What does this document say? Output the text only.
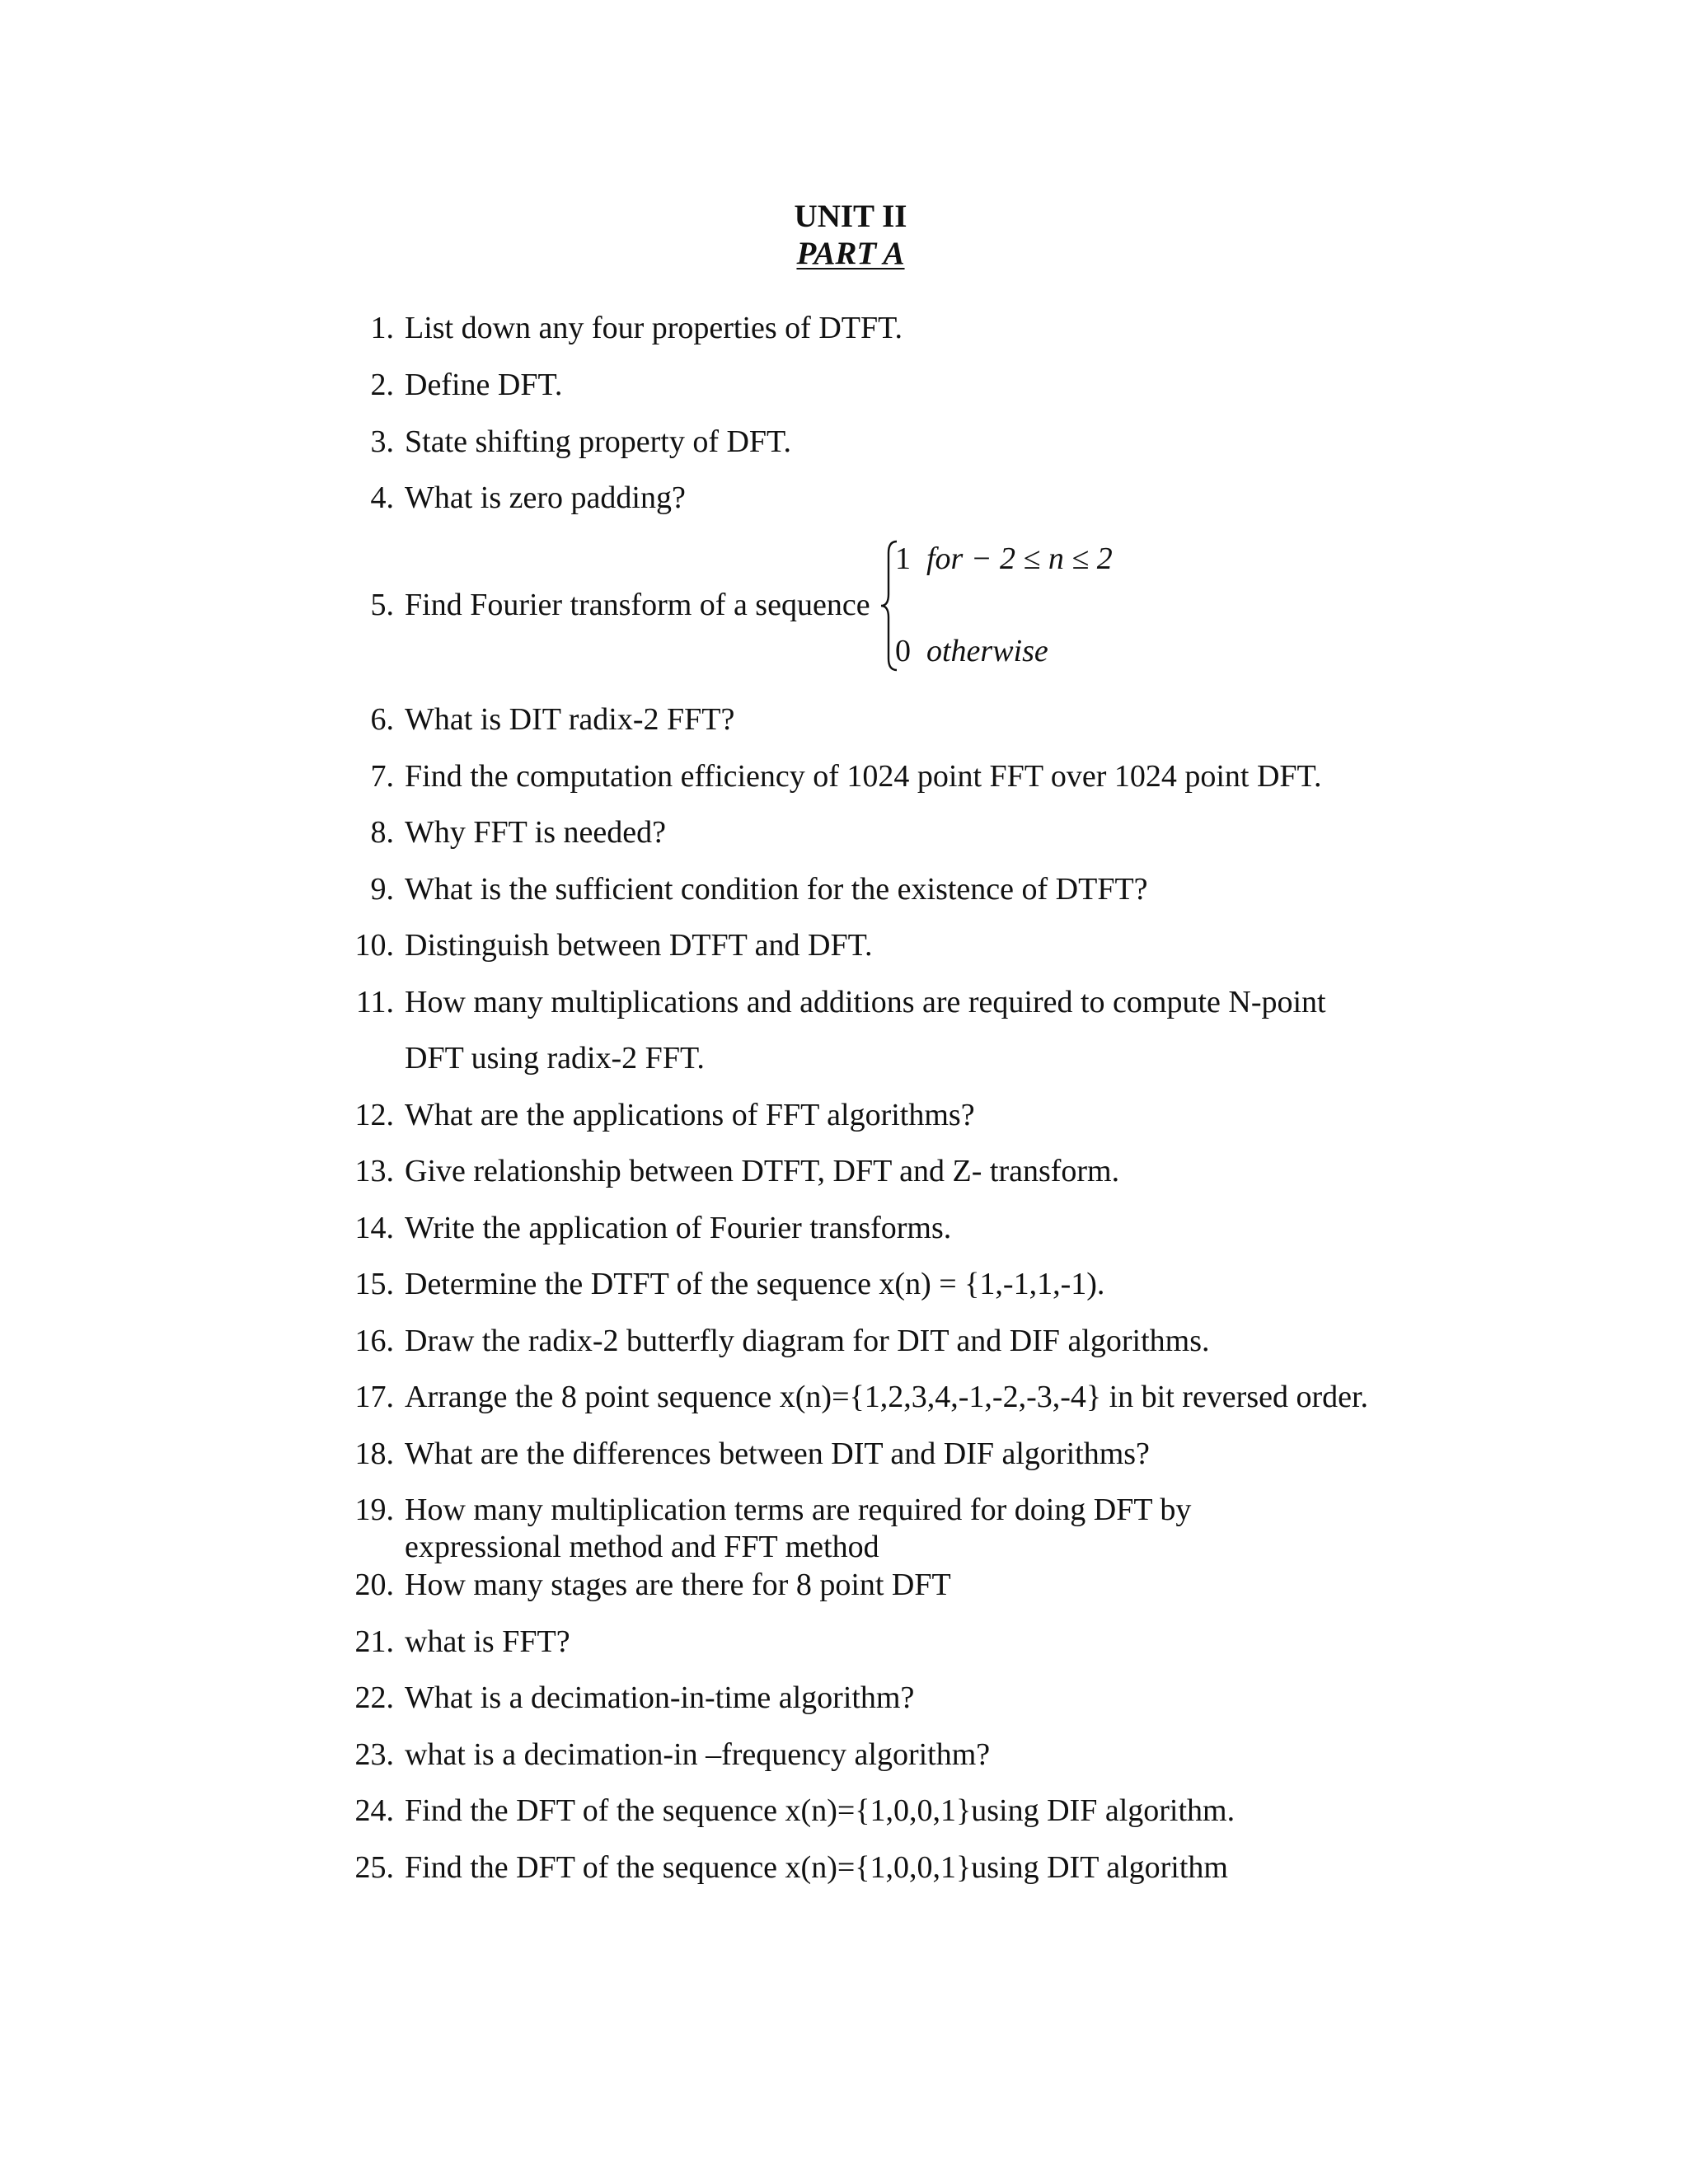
UNIT II
PART A
1. List down any four properties of DTFT.
2. Define DFT.
3. State shifting property of DFT.
4. What is zero padding?
5. Find Fourier transform of a sequence
1 for − 2 ≤ n ≤ 2
0 otherwise
6. What is DIT radix-2 FFT?
7. Find the computation efficiency of 1024 point FFT over 1024 point DFT.
8. Why FFT is needed?
9. What is the sufficient condition for the existence of DTFT?
10. Distinguish between DTFT and DFT.
11. How many multiplications and additions are required to compute N-point
DFT using radix-2 FFT.
12. What are the applications of FFT algorithms?
13. Give relationship between DTFT, DFT and Z- transform.
14. Write the application of Fourier transforms.
15. Determine the DTFT of the sequence x(n) = {1,-1,1,-1).
16. Draw the radix-2 butterfly diagram for DIT and DIF algorithms.
17. Arrange the 8 point sequence x(n)={1,2,3,4,-1,-2,-3,-4} in bit reversed order.
18. What are the differences between DIT and DIF algorithms?
19. How many multiplication terms are required for doing DFT by
expressional method and FFT method
20. How many stages are there for 8 point DFT
21. what is FFT?
22. What is a decimation-in-time algorithm?
23. what is a decimation-in –frequency algorithm?
24. Find the DFT of the sequence x(n)={1,0,0,1}using DIF algorithm.
25. Find the DFT of the sequence x(n)={1,0,0,1}using DIT algorithm
